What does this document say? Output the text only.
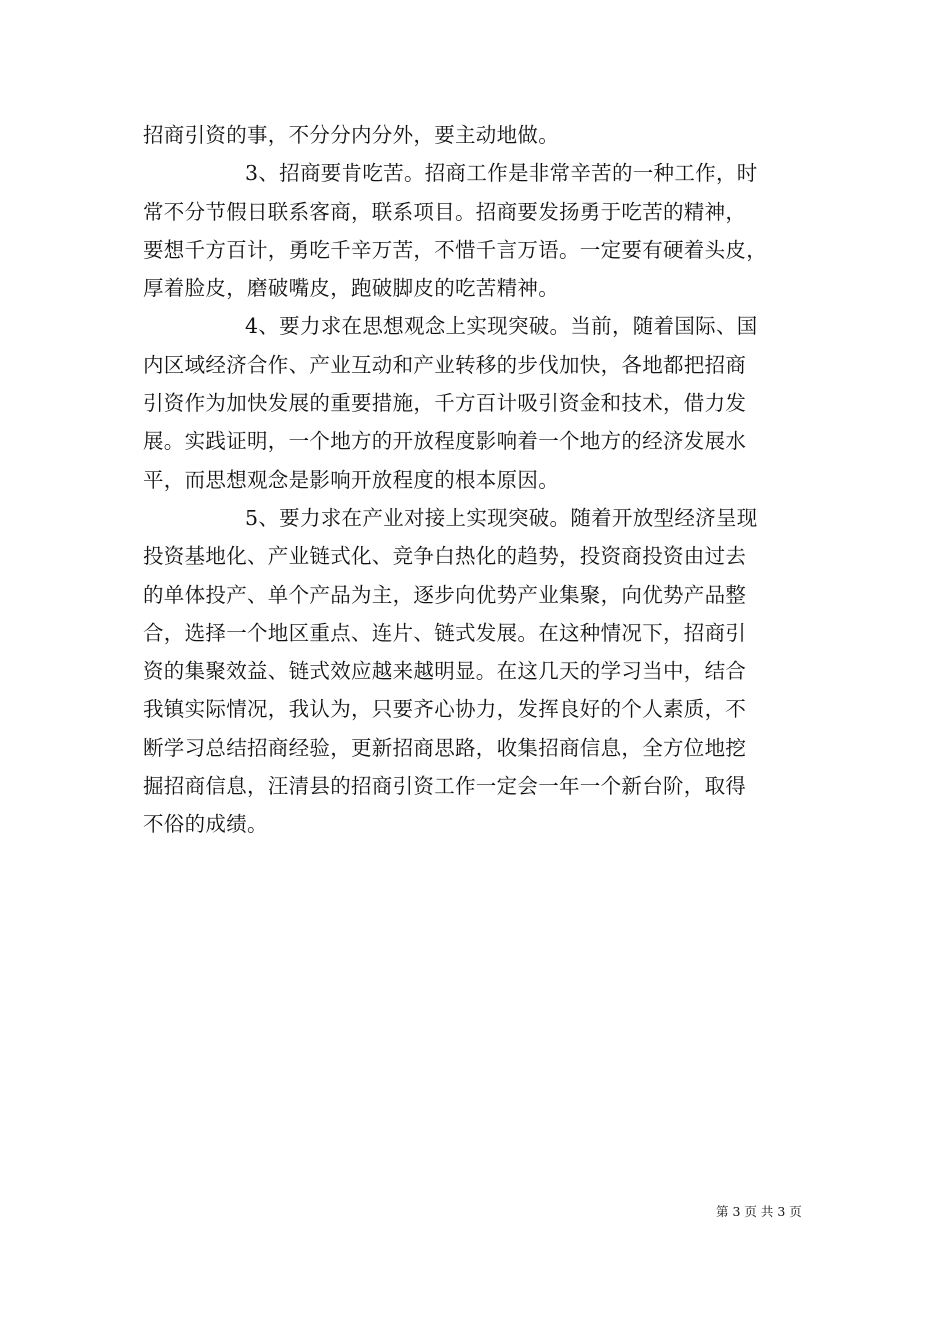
招商引资的事，不分分内分外，要主动地做。
3、招商要肯吃苦。招商工作是非常辛苦的一种工作，时
常不分节假日联系客商，联系项目。招商要发扬勇于吃苦的精神，
要想千方百计，勇吃千辛万苦，不惜千言万语。一定要有硬着头皮，
厚着脸皮，磨破嘴皮，跑破脚皮的吃苦精神。
4、要力求在思想观念上实现突破。当前，随着国际、国
内区域经济合作、产业互动和产业转移的步伐加快，各地都把招商
引资作为加快发展的重要措施，千方百计吸引资金和技术，借力发
展。实践证明，一个地方的开放程度影响着一个地方的经济发展水
平，而思想观念是影响开放程度的根本原因。
5、要力求在产业对接上实现突破。随着开放型经济呈现
投资基地化、产业链式化、竞争白热化的趋势，投资商投资由过去
的单体投产、单个产品为主，逐步向优势产业集聚，向优势产品整
合，选择一个地区重点、连片、链式发展。在这种情况下，招商引
资的集聚效益、链式效应越来越明显。在这几天的学习当中，结合
我镇实际情况，我认为，只要齐心协力，发挥良好的个人素质，不
断学习总结招商经验，更新招商思路，收集招商信息，全方位地挖
掘招商信息，汪清县的招商引资工作一定会一年一个新台阶，取得
不俗的成绩。
第 3 页 共 3 页
